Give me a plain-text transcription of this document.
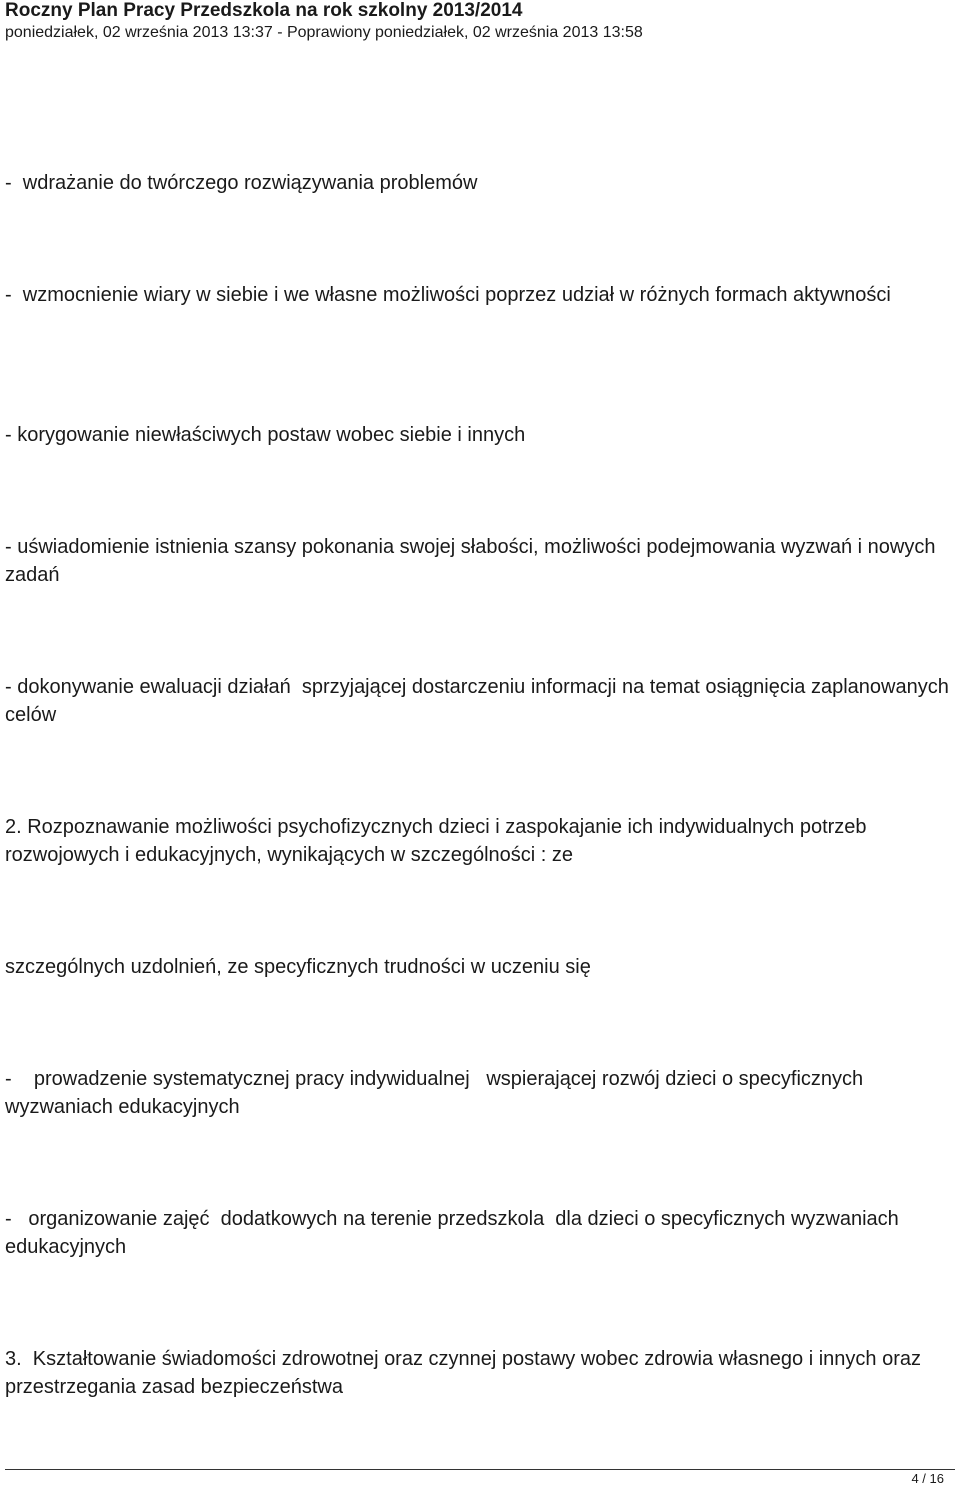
Roczny Plan Pracy Przedszkola na rok szkolny 2013/2014

poniedziałek, 02 września 2013 13:37 - Poprawiony poniedziałek, 02 września 2013 13:58

-  wdrażanie do twórczego rozwiązywania problemów

-  wzmocnienie wiary w siebie i we własne możliwości poprzez udział w różnych formach aktywności

- korygowanie niewłaściwych postaw wobec siebie i innych

- uświadomienie istnienia szansy pokonania swojej słabości, możliwości podejmowania wyzwań i nowych zadań

- dokonywanie ewaluacji działań  sprzyjającej dostarczeniu informacji na temat osiągnięcia zaplanowanych celów

2. Rozpoznawanie możliwości psychofizycznych dzieci i zaspokajanie ich indywidualnych potrzeb rozwojowych i edukacyjnych, wynikających w szczególności : ze

szczególnych uzdolnień, ze specyficznych trudności w uczeniu się

-    prowadzenie systematycznej pracy indywidualnej   wspierającej rozwój dzieci o specyficznych wyzwaniach edukacyjnych

-   organizowanie zajęć  dodatkowych na terenie przedszkola  dla dzieci o specyficznych wyzwaniach edukacyjnych

3.  Kształtowanie świadomości zdrowotnej oraz czynnej postawy wobec zdrowia własnego i innych oraz przestrzegania zasad bezpieczeństwa

4 / 16
